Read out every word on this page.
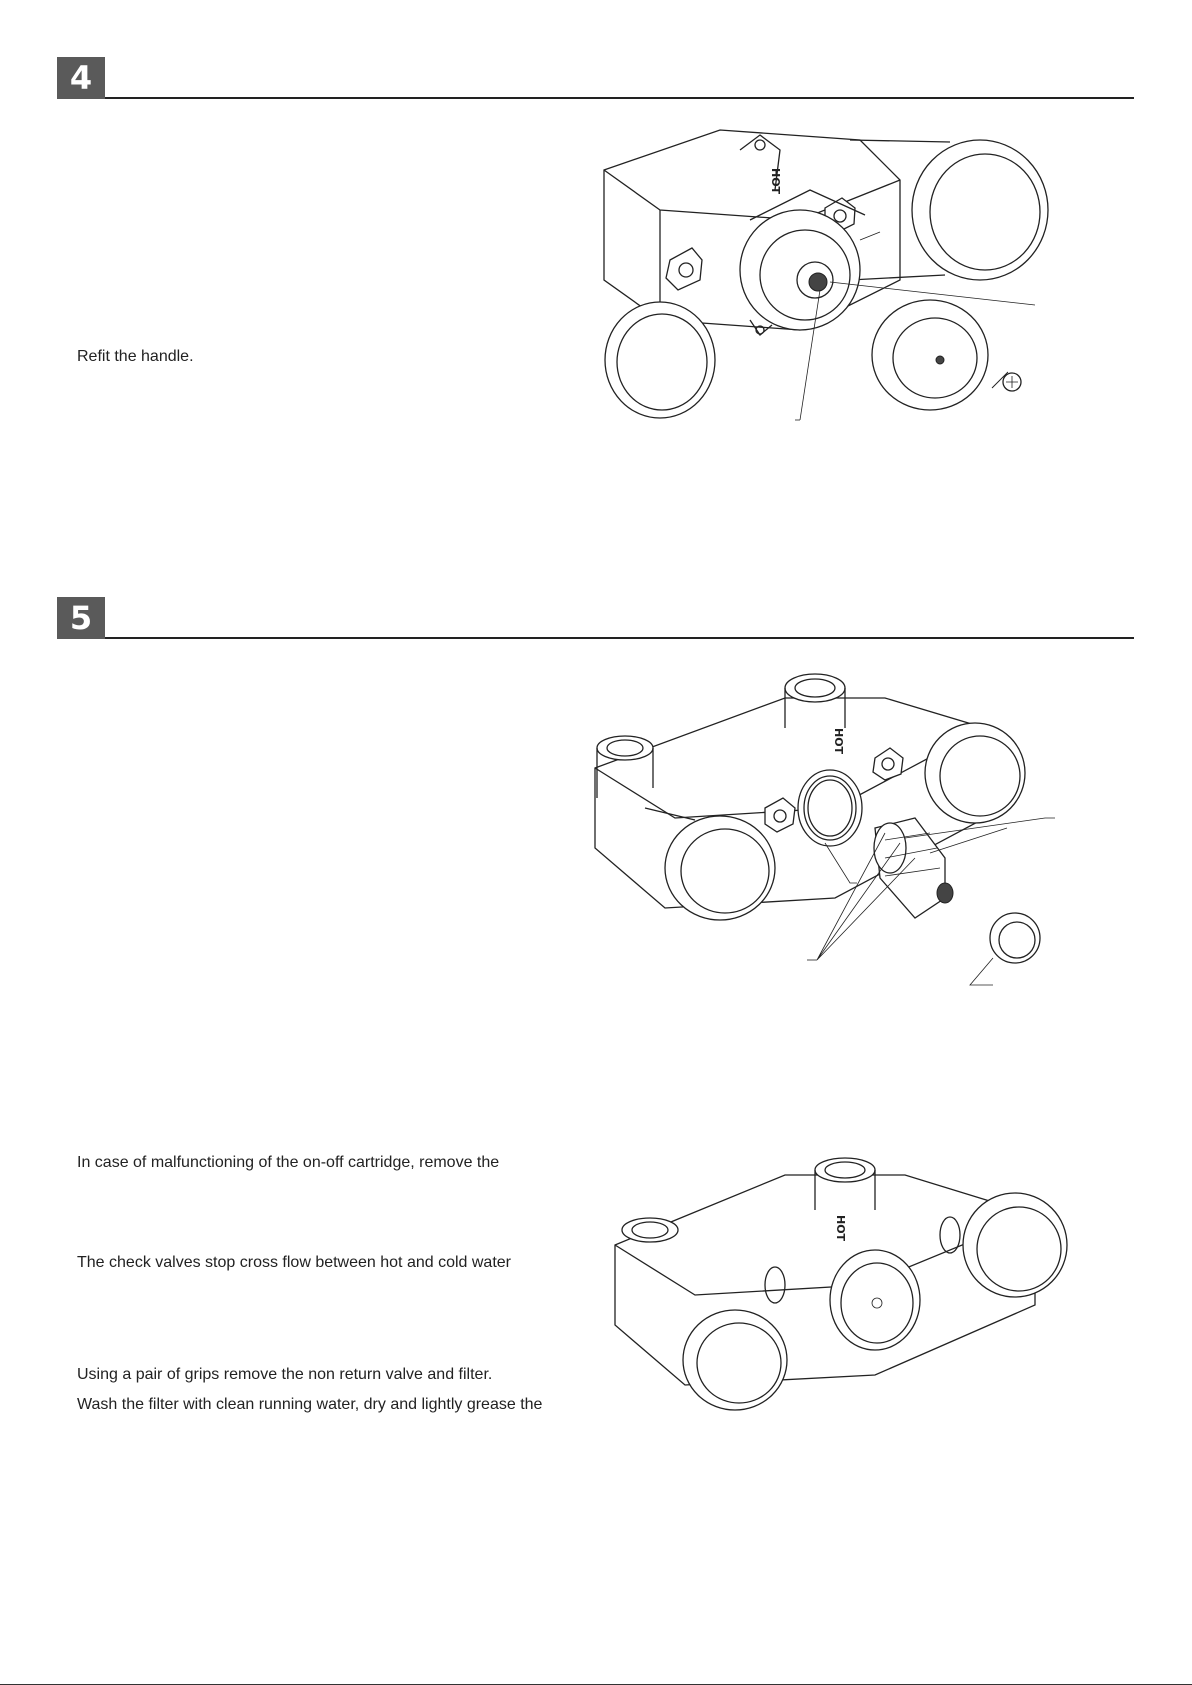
4
Refit the handle.
HOT
5
HOT
In case of malfunctioning of the on-off cartridge, remove the
The check valves stop cross flow between hot and cold water
Using a pair of grips remove the non return valve and filter.
Wash the filter with clean running water, dry and lightly grease the
HOT
